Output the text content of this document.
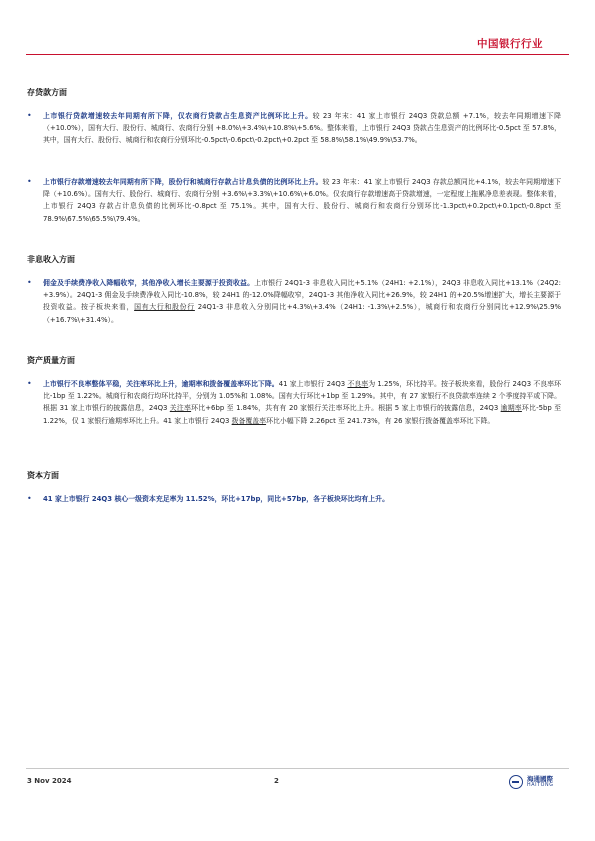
中国银行行业
存贷款方面
• 上市银行贷款增速较去年同期有所下降，仅农商行贷款占生息资产比例环比上升。较 23 年末：41 家上市银行 24Q3 贷款总额 +7.1%，较去年同期增速下降（+10.0%），国有大行、股份行、城商行、农商行分别 +8.0%\+3.4%\+10.8%\+5.6%。整体来看，上市银行 24Q3 贷款占生息资产的比例环比-0.5pct 至 57.8%，其中，国有大行、股份行、城商行和农商行分别环比-0.5pct\-0.6pct\-0.2pct\+0.2pct 至 58.8%\58.1%\49.9%\53.7%。
• 上市银行存款增速较去年同期有所下降，股份行和城商行存款占计息负债的比例环比上升。较 23 年末：41 家上市银行 24Q3 存款总额同比+4.1%，较去年同期增速下降（+10.6%）。国有大行、股份行、城商行、农商行分别 +3.6%\+3.3%\+10.6%\+6.0%。仅农商行存款增速高于贷款增速，一定程度上拖累净息差表现。整体来看，上市银行 24Q3 存款占计息负债的比例环比-0.8pct 至 75.1%。其中，国有大行、股份行、城商行和农商行分别环比-1.3pct\+0.2pct\+0.1pct\-0.8pct 至 78.9%\67.5%\65.5%\79.4%。
非息收入方面
• 佣金及手续费净收入降幅收窄，其他净收入增长主要源于投资收益。上市银行 24Q1-3 非息收入同比+5.1%（24H1: +2.1%），24Q3 非息收入同比+13.1%（24Q2: +3.9%）。24Q1-3 佣金及手续费净收入同比-10.8%，较 24H1 的-12.0%降幅收窄，24Q1-3 其他净收入同比+26.9%，较 24H1 的+20.5%增速扩大，增长主要源于投资收益。按子板块来看，国有大行和股份行 24Q1-3 非息收入分别同比+4.3%\+3.4%（24H1: -1.3%\+2.5%），城商行和农商行分别同比+12.9%\25.9%（+16.7%\+31.4%）。
资产质量方面
• 上市银行不良率整体平稳，关注率环比上升，逾期率和拨备覆盖率环比下降。41 家上市银行 24Q3 不良率为 1.25%，环比持平。按子板块来看，股份行 24Q3 不良率环比-1bp 至 1.22%。城商行和农商行均环比持平，分别为 1.05%和 1.08%。国有大行环比+1bp 至 1.29%。其中，有 27 家银行不良贷款率连续 2 个季度持平或下降。根据 31 家上市银行的披露信息，24Q3 关注率环比+6bp 至 1.84%，共有有 20 家银行关注率环比上升。根据 5 家上市银行的披露信息，24Q3 逾期率环比-5bp 至 1.22%，仅 1 家银行逾期率环比上升。41 家上市银行 24Q3 拨备覆盖率环比小幅下降 2.26pct 至 241.73%，有 26 家银行拨备覆盖率环比下降。
资本方面
• 41 家上市银行 24Q3 核心一级资本充足率为 11.52%，环比+17bp，同比+57bp，各子板块环比均有上升。
3 Nov 2024	2	海通國際
HAITONG
